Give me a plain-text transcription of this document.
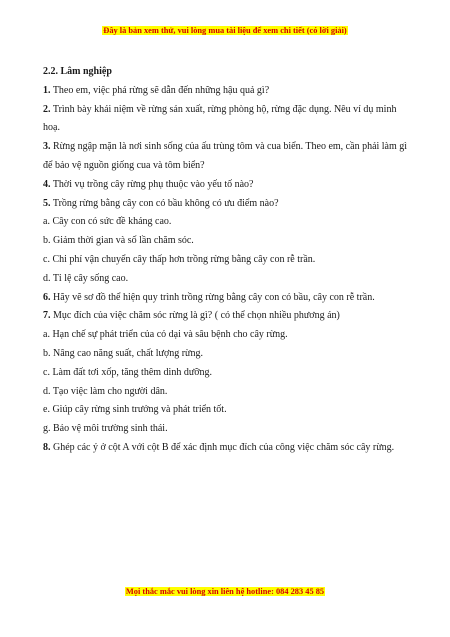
Đây là bản xem thử, vui lòng mua tài liệu để xem chi tiết (có lời giải)

2.2. Lâm nghiệp

1. Theo em, việc phá rừng sẽ dẫn đến những hậu quả gì?

2. Trình bày khái niệm về rừng sản xuất, rừng phòng hộ, rừng đặc dụng. Nêu ví dụ minh hoạ.

3. Rừng ngập mặn là nơi sinh sống của ấu trùng tôm và cua biển. Theo em, cần phải làm gì để bảo vệ nguồn giống cua và tôm biển?

4. Thời vụ trồng cây rừng phụ thuộc vào yếu tố nào?

5. Trồng rừng bằng cây con có bầu không có ưu điểm nào?

a. Cây con có sức đề kháng cao.

b. Giảm thời gian và số lần chăm sóc.

c. Chi phí vận chuyển cây thấp hơn trồng rừng bằng cây con rễ trần.

d. Tỉ lệ cây sống cao.

6. Hãy vẽ sơ đồ thể hiện quy trình trồng rừng bằng cây con có bầu, cây con rễ trần.

7. Mục đích của việc chăm sóc rừng là gì? ( có thể chọn nhiều phương án)

a. Hạn chế sự phát triển của cỏ dại và sâu bệnh cho cây rừng.

b. Nâng cao năng suất, chất lượng rừng.

c. Làm đất tơi xốp, tăng thêm dinh dưỡng.

d. Tạo việc làm cho người dân.

e. Giúp cây rừng sinh trưởng và phát triển tốt.

g. Bảo vệ môi trường sinh thái.

8. Ghép các ý ở cột A với cột B để xác định mục đích của công việc chăm sóc cây rừng.

Mọi thắc mắc vui lòng xin liên hệ hotline: 084 283 45 85
